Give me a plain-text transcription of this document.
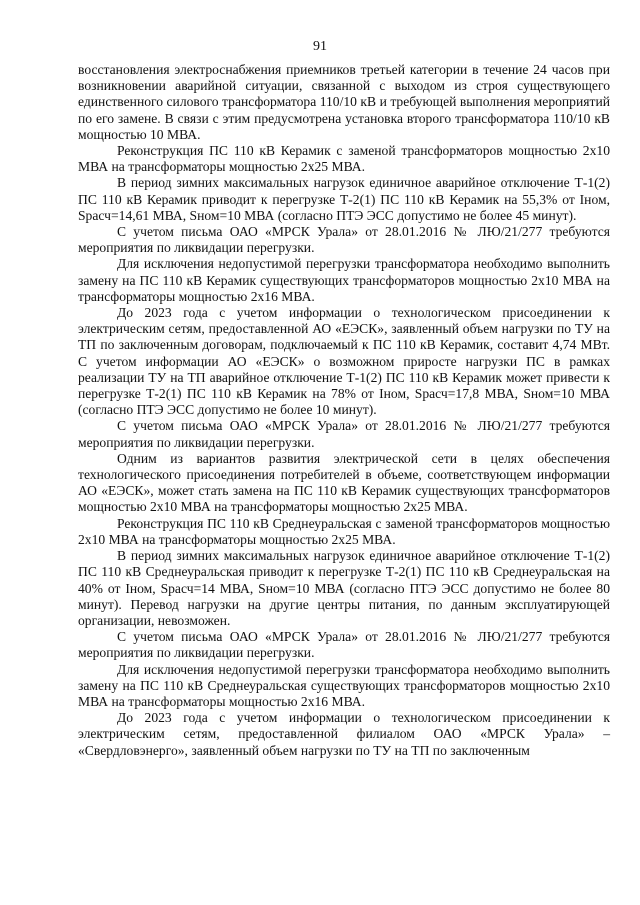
91

восстановления электроснабжения приемников третьей категории в течение 24 часов при возникновении аварийной ситуации, связанной с выходом из строя существующего единственного силового трансформатора 110/10 кВ и требующей выполнения мероприятий по его замене. В связи с этим предусмотрена установка второго трансформатора 110/10 кВ мощностью 10 МВА.

Реконструкция ПС 110 кВ Керамик с заменой трансформаторов мощностью 2х10 МВА на трансформаторы мощностью 2х25 МВА.

В период зимних максимальных нагрузок единичное аварийное отключение Т-1(2) ПС 110 кВ Керамик приводит к перегрузке Т-2(1) ПС 110 кВ Керамик на 55,3% от Iном, Sрасч=14,61 МВА, Sном=10 МВА (согласно ПТЭ ЭСС допустимо не более 45 минут).

С учетом письма ОАО «МРСК Урала» от 28.01.2016 № ЛЮ/21/277 требуются мероприятия по ликвидации перегрузки.

Для исключения недопустимой перегрузки трансформатора необходимо выполнить замену на ПС 110 кВ Керамик существующих трансформаторов мощностью 2х10 МВА на трансформаторы мощностью 2х16 МВА.

До 2023 года с учетом информации о технологическом присоединении к электрическим сетям, предоставленной АО «ЕЭСК», заявленный объем нагрузки по ТУ на ТП по заключенным договорам, подключаемый к ПС 110 кВ Керамик, составит 4,74 МВт. С учетом информации АО «ЕЭСК» о возможном приросте нагрузки ПС в рамках реализации ТУ на ТП аварийное отключение Т-1(2) ПС 110 кВ Керамик может привести к перегрузке Т-2(1) ПС 110 кВ Керамик на 78% от Iном, Sрасч=17,8 МВА, Sном=10 МВА (согласно ПТЭ ЭСС допустимо не более 10 минут).

С учетом письма ОАО «МРСК Урала» от 28.01.2016 № ЛЮ/21/277 требуются мероприятия по ликвидации перегрузки.

Одним из вариантов развития электрической сети в целях обеспечения технологического присоединения потребителей в объеме, соответствующем информации АО «ЕЭСК», может стать замена на ПС 110 кВ Керамик существующих трансформаторов мощностью 2х10 МВА на трансформаторы мощностью 2х25 МВА.

Реконструкция ПС 110 кВ Среднеуральская с заменой трансформаторов мощностью 2х10 МВА на трансформаторы мощностью 2х25 МВА.

В период зимних максимальных нагрузок единичное аварийное отключение Т-1(2) ПС 110 кВ Среднеуральская приводит к перегрузке Т-2(1) ПС 110 кВ Среднеуральская на 40% от Iном, Sрасч=14 МВА, Sном=10 МВА (согласно ПТЭ ЭСС допустимо не более 80 минут). Перевод нагрузки на другие центры питания, по данным эксплуатирующей организации, невозможен.

С учетом письма ОАО «МРСК Урала» от 28.01.2016 № ЛЮ/21/277 требуются мероприятия по ликвидации перегрузки.

Для исключения недопустимой перегрузки трансформатора необходимо выполнить замену на ПС 110 кВ Среднеуральская существующих трансформаторов мощностью 2х10 МВА на трансформаторы мощностью 2х16 МВА.

До 2023 года с учетом информации о технологическом присоединении к электрическим сетям, предоставленной филиалом ОАО «МРСК Урала» – «Свердловэнерго», заявленный объем нагрузки по ТУ на ТП по заключенным
